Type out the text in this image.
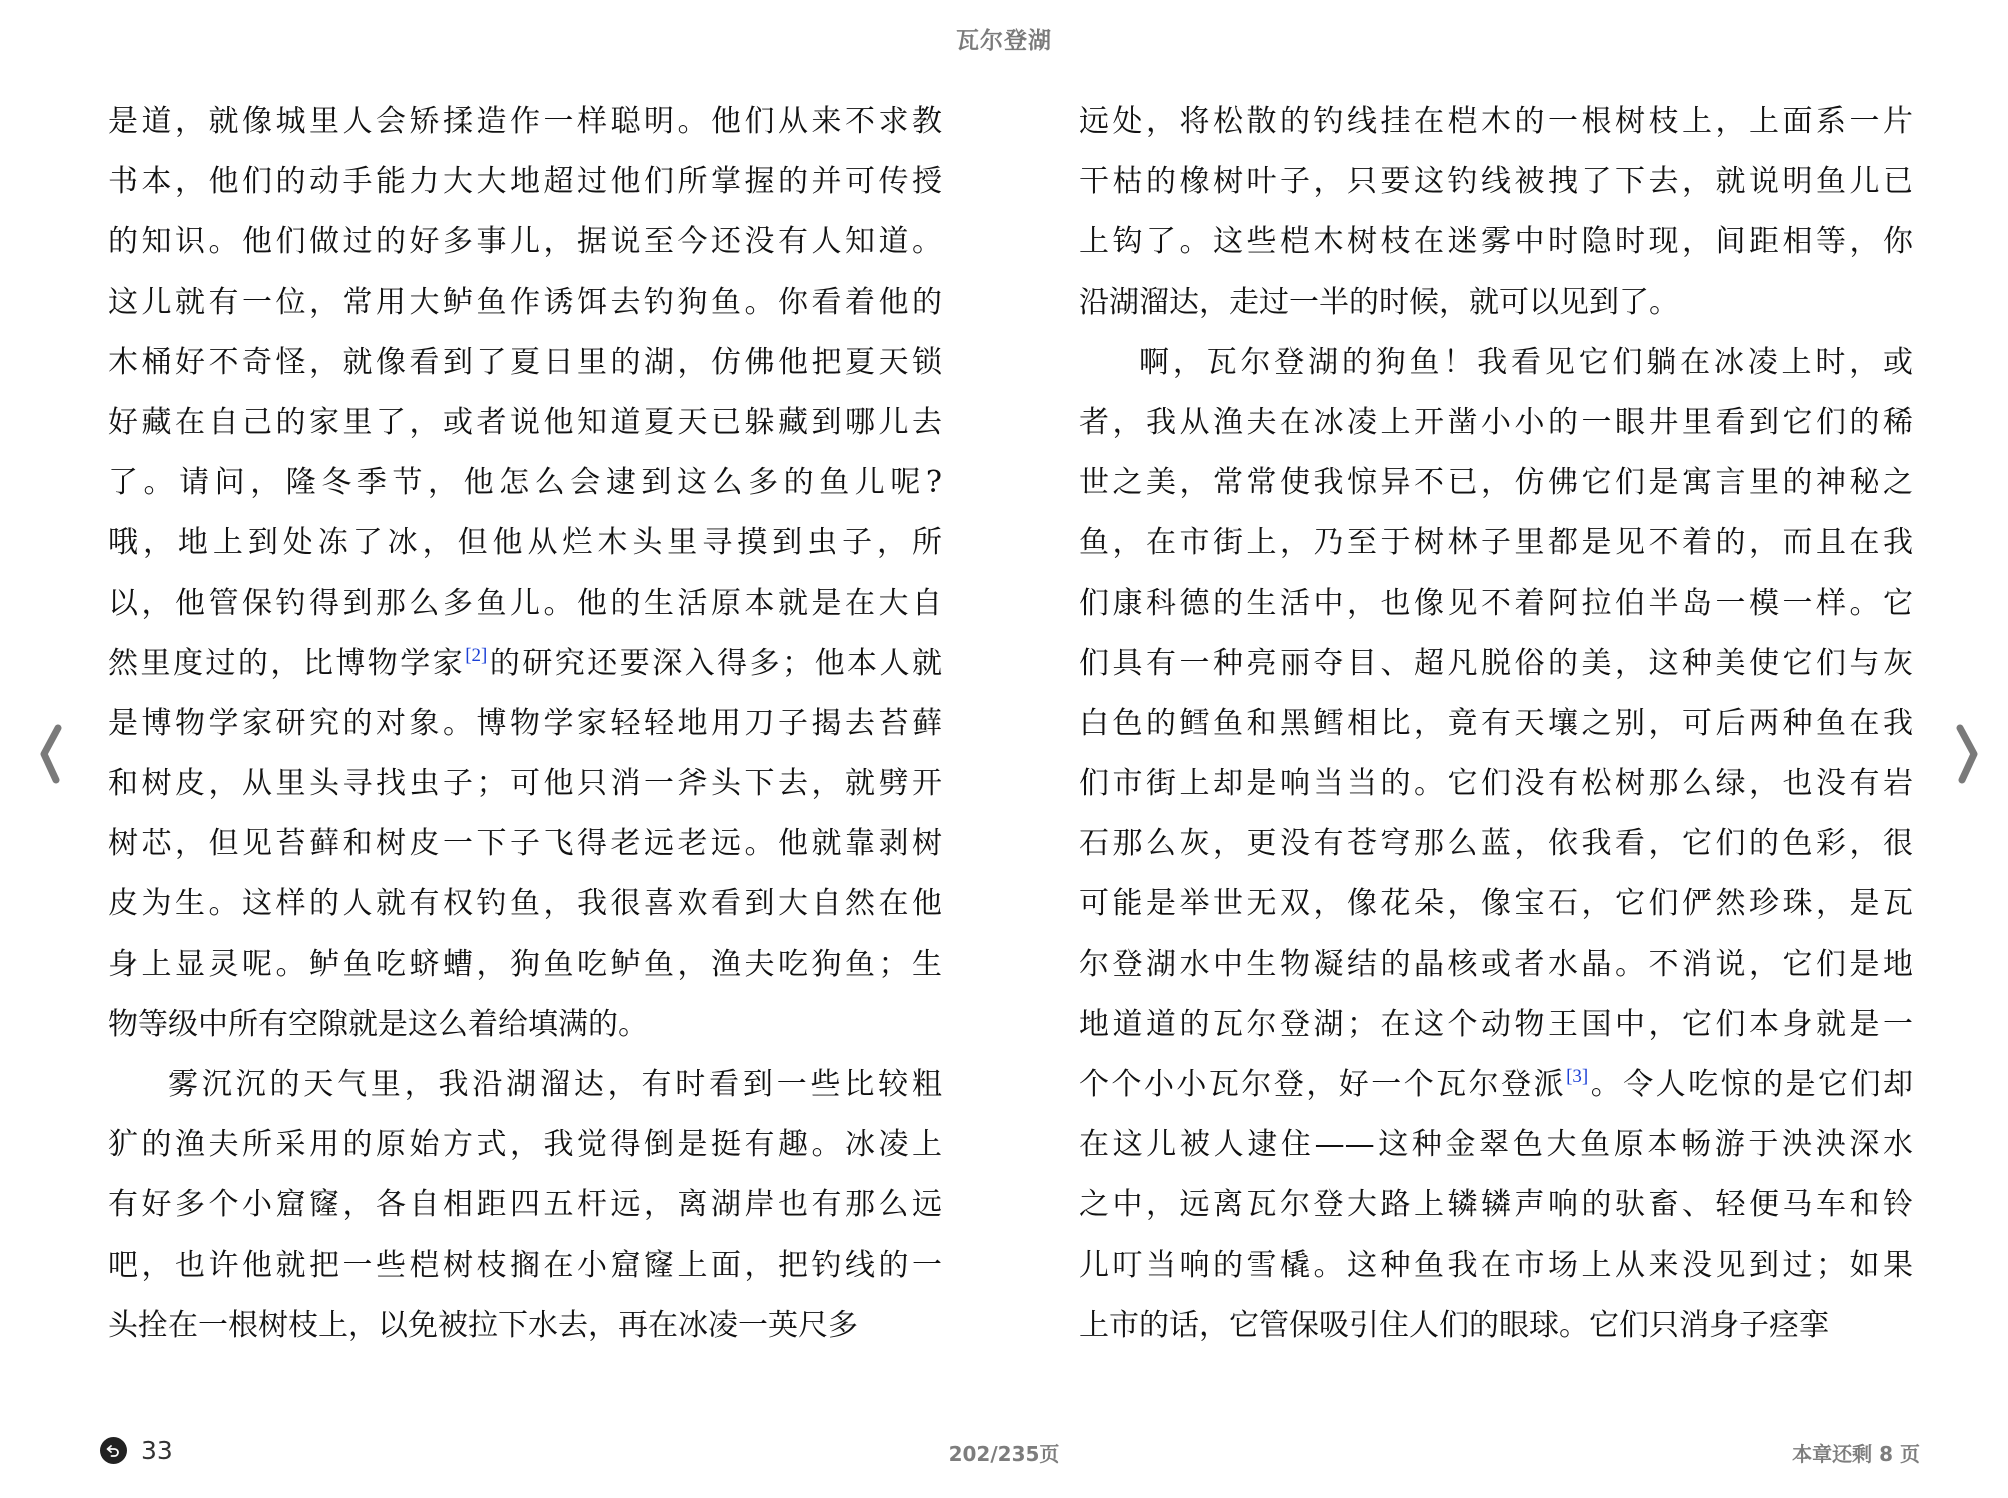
瓦尔登湖
是道，就像城里人会矫揉造作一样聪明。他们从来不求教
书本，他们的动手能力大大地超过他们所掌握的并可传授
的知识。他们做过的好多事儿，据说至今还没有人知道。
这儿就有一位，常用大鲈鱼作诱饵去钓狗鱼。你看着他的
木桶好不奇怪，就像看到了夏日里的湖，仿佛他把夏天锁
好藏在自己的家里了，或者说他知道夏天已躲藏到哪儿去
了。请问，隆冬季节，他怎么会逮到这么多的鱼儿呢?
哦，地上到处冻了冰，但他从烂木头里寻摸到虫子，所
以，他管保钓得到那么多鱼儿。他的生活原本就是在大自
然里度过的，比博物学家[2]的研究还要深入得多；他本人就
是博物学家研究的对象。博物学家轻轻地用刀子揭去苔藓
和树皮，从里头寻找虫子；可他只消一斧头下去，就劈开
树芯，但见苔藓和树皮一下子飞得老远老远。他就靠剥树
皮为生。这样的人就有权钓鱼，我很喜欢看到大自然在他
身上显灵呢。鲈鱼吃蛴螬，狗鱼吃鲈鱼，渔夫吃狗鱼；生
物等级中所有空隙就是这么着给填满的。
雾沉沉的天气里，我沿湖溜达，有时看到一些比较粗
犷的渔夫所采用的原始方式，我觉得倒是挺有趣。冰凌上
有好多个小窟窿，各自相距四五杆远，离湖岸也有那么远
吧，也许他就把一些桤树枝搁在小窟窿上面，把钓线的一
头拴在一根树枝上，以免被拉下水去，再在冰凌一英尺多
远处，将松散的钓线挂在桤木的一根树枝上，上面系一片
干枯的橡树叶子，只要这钓线被拽了下去，就说明鱼儿已
上钩了。这些桤木树枝在迷雾中时隐时现，间距相等，你
沿湖溜达，走过一半的时候，就可以见到了。
啊，瓦尔登湖的狗鱼！我看见它们躺在冰凌上时，或
者，我从渔夫在冰凌上开凿小小的一眼井里看到它们的稀
世之美，常常使我惊异不已，仿佛它们是寓言里的神秘之
鱼，在市街上，乃至于树林子里都是见不着的，而且在我
们康科德的生活中，也像见不着阿拉伯半岛一模一样。它
们具有一种亮丽夺目、超凡脱俗的美，这种美使它们与灰
白色的鳕鱼和黑鳕相比，竟有天壤之别，可后两种鱼在我
们市街上却是响当当的。它们没有松树那么绿，也没有岩
石那么灰，更没有苍穹那么蓝，依我看，它们的色彩，很
可能是举世无双，像花朵，像宝石，它们俨然珍珠，是瓦
尔登湖水中生物凝结的晶核或者水晶。不消说，它们是地
地道道的瓦尔登湖；在这个动物王国中，它们本身就是一
个个小小瓦尔登，好一个瓦尔登派[3]。令人吃惊的是它们却
在这儿被人逮住——这种金翠色大鱼原本畅游于泱泱深水
之中，远离瓦尔登大路上辚辚声响的驮畜、轻便马车和铃
儿叮当响的雪橇。这种鱼我在市场上从来没见到过；如果
上市的话，它管保吸引住人们的眼球。它们只消身子痉挛
33	202/235页	本章还剩 8 页
